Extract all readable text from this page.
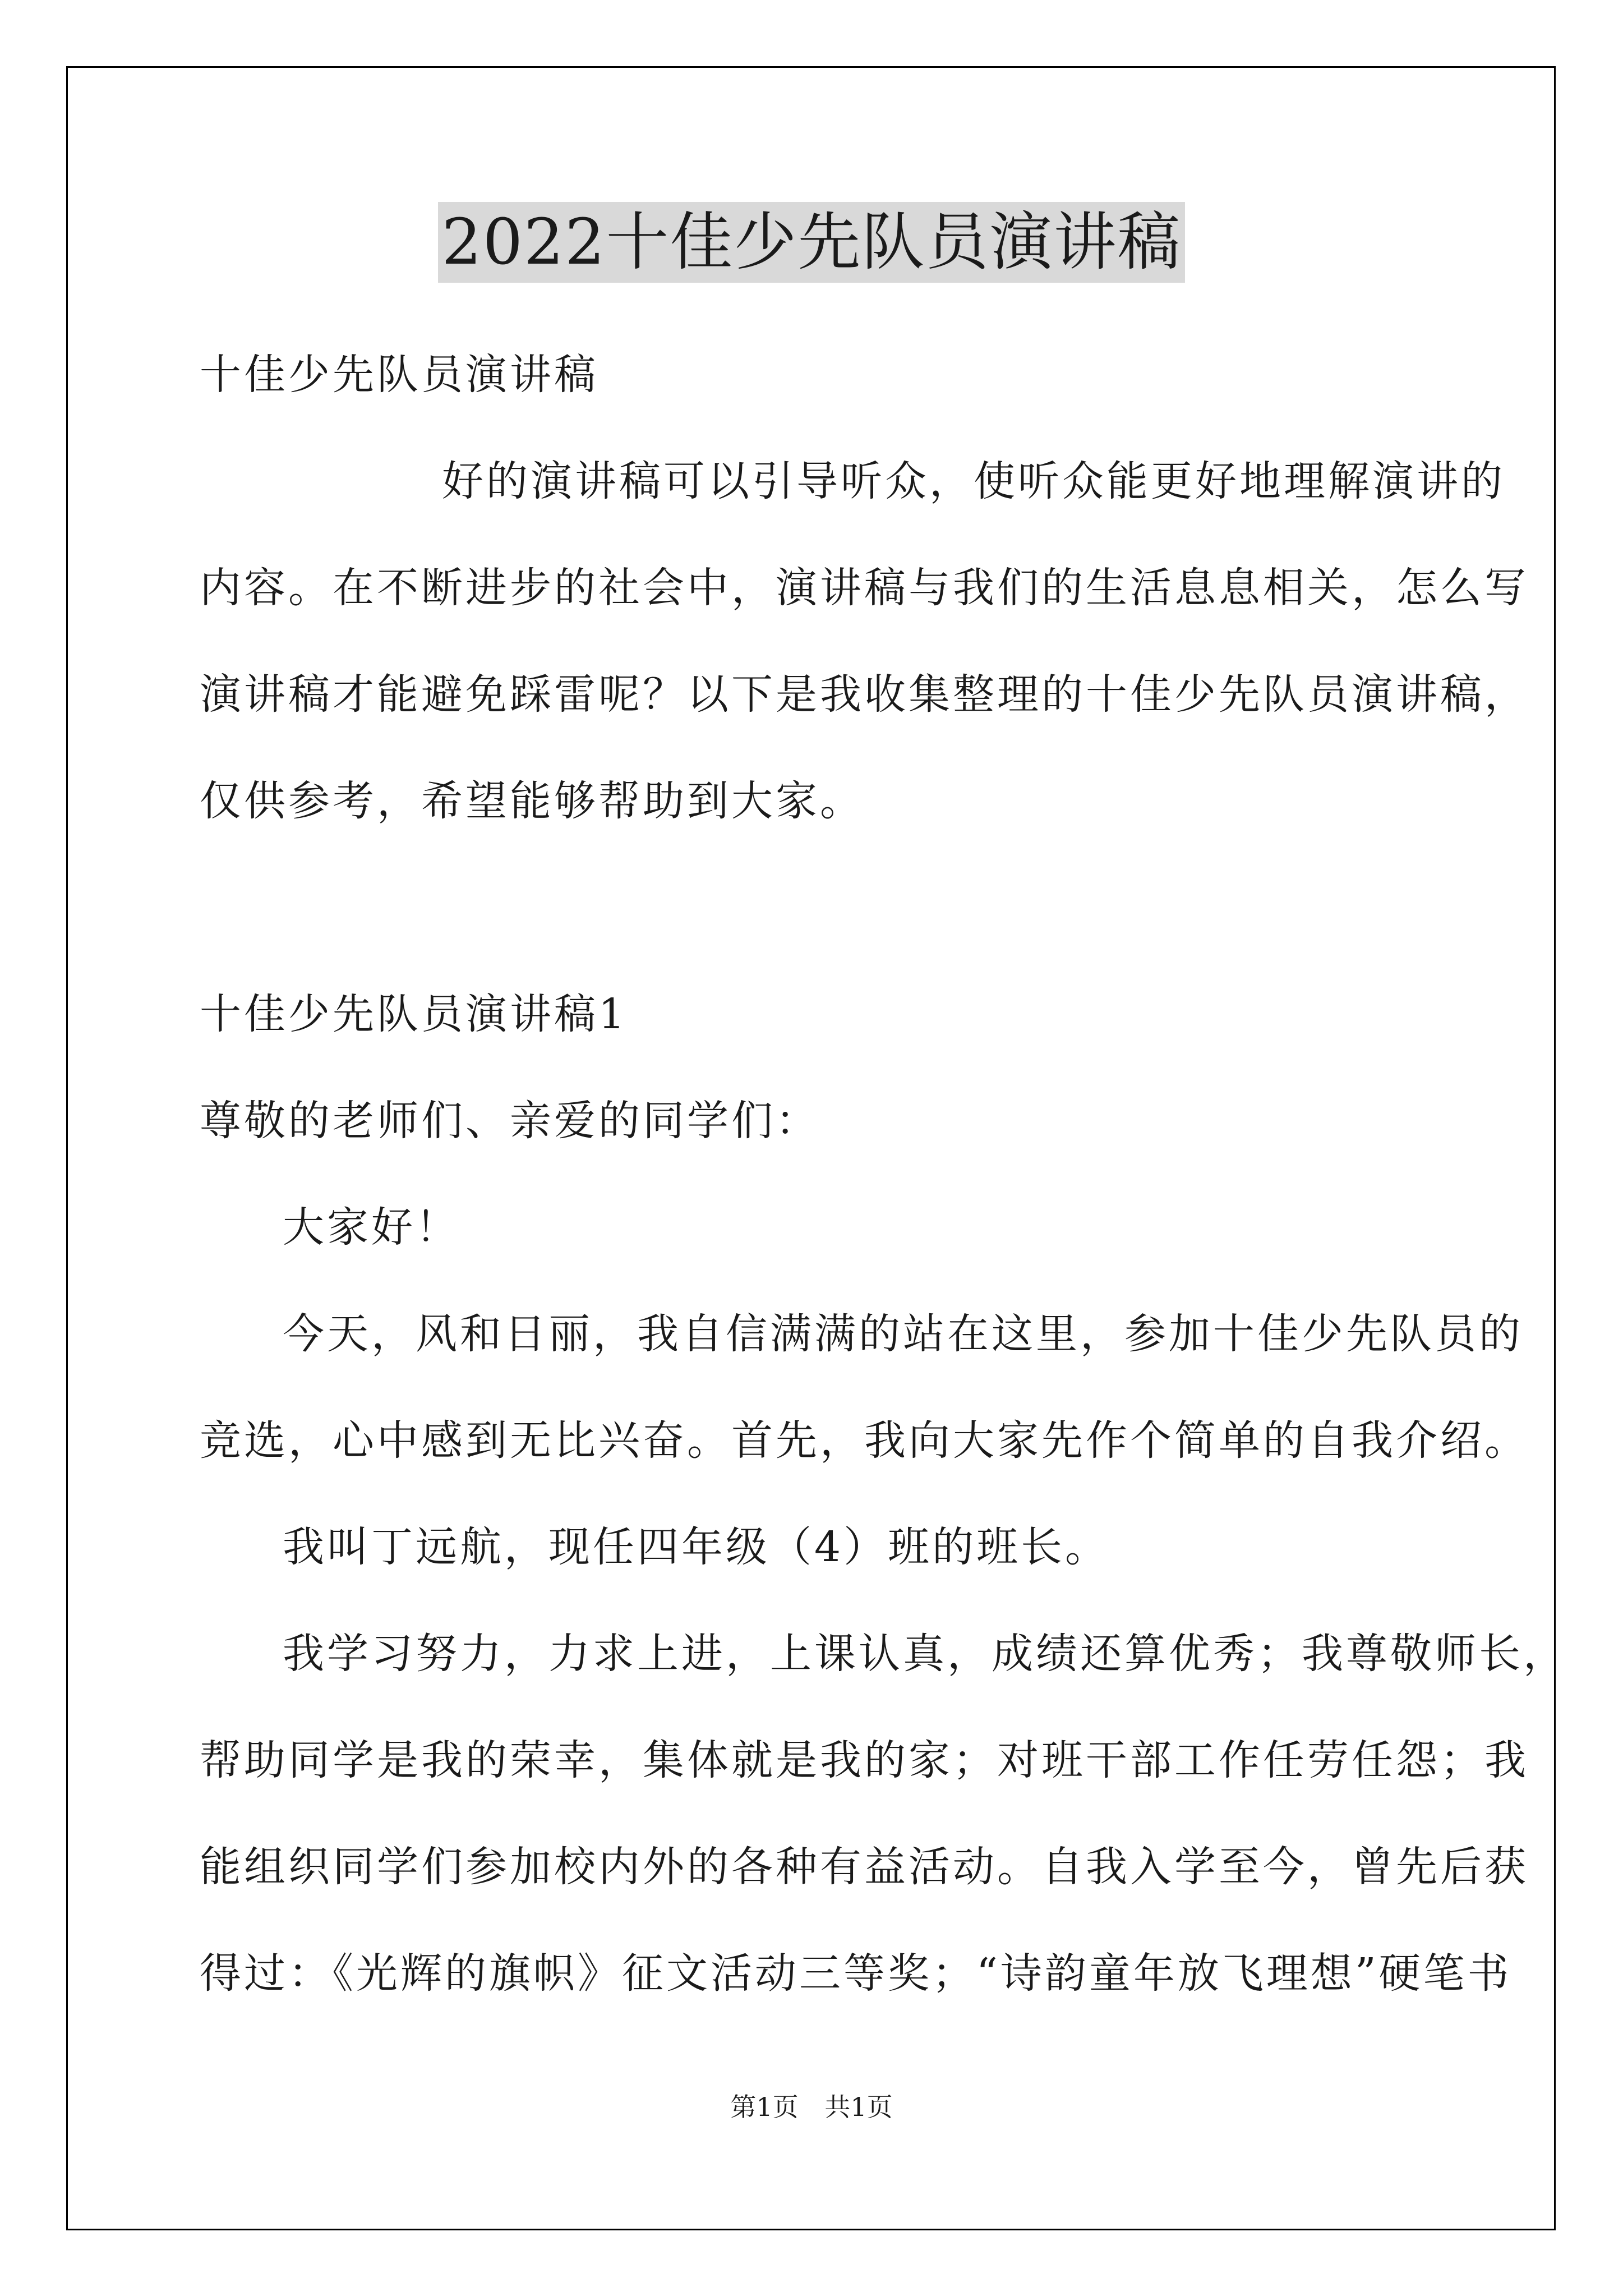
2022十佳少先队员演讲稿

十佳少先队员演讲稿

好的演讲稿可以引导听众，使听众能更好地理解演讲的

内容。在不断进步的社会中，演讲稿与我们的生活息息相关，怎么写

演讲稿才能避免踩雷呢？以下是我收集整理的十佳少先队员演讲稿，

仅供参考，希望能够帮助到大家。

十佳少先队员演讲稿1

尊敬的老师们、亲爱的同学们：

大家好！

今天，风和日丽，我自信满满的站在这里，参加十佳少先队员的

竞选，心中感到无比兴奋。首先，我向大家先作个简单的自我介绍。

我叫丁远航，现任四年级（4）班的班长。

我学习努力，力求上进，上课认真，成绩还算优秀；我尊敬师长，

帮助同学是我的荣幸，集体就是我的家；对班干部工作任劳任怨；我

能组织同学们参加校内外的各种有益活动。自我入学至今，曾先后获

得过：《光辉的旗帜》征文活动三等奖；“诗韵童年放飞理想”硬笔书

第1页 共1页
